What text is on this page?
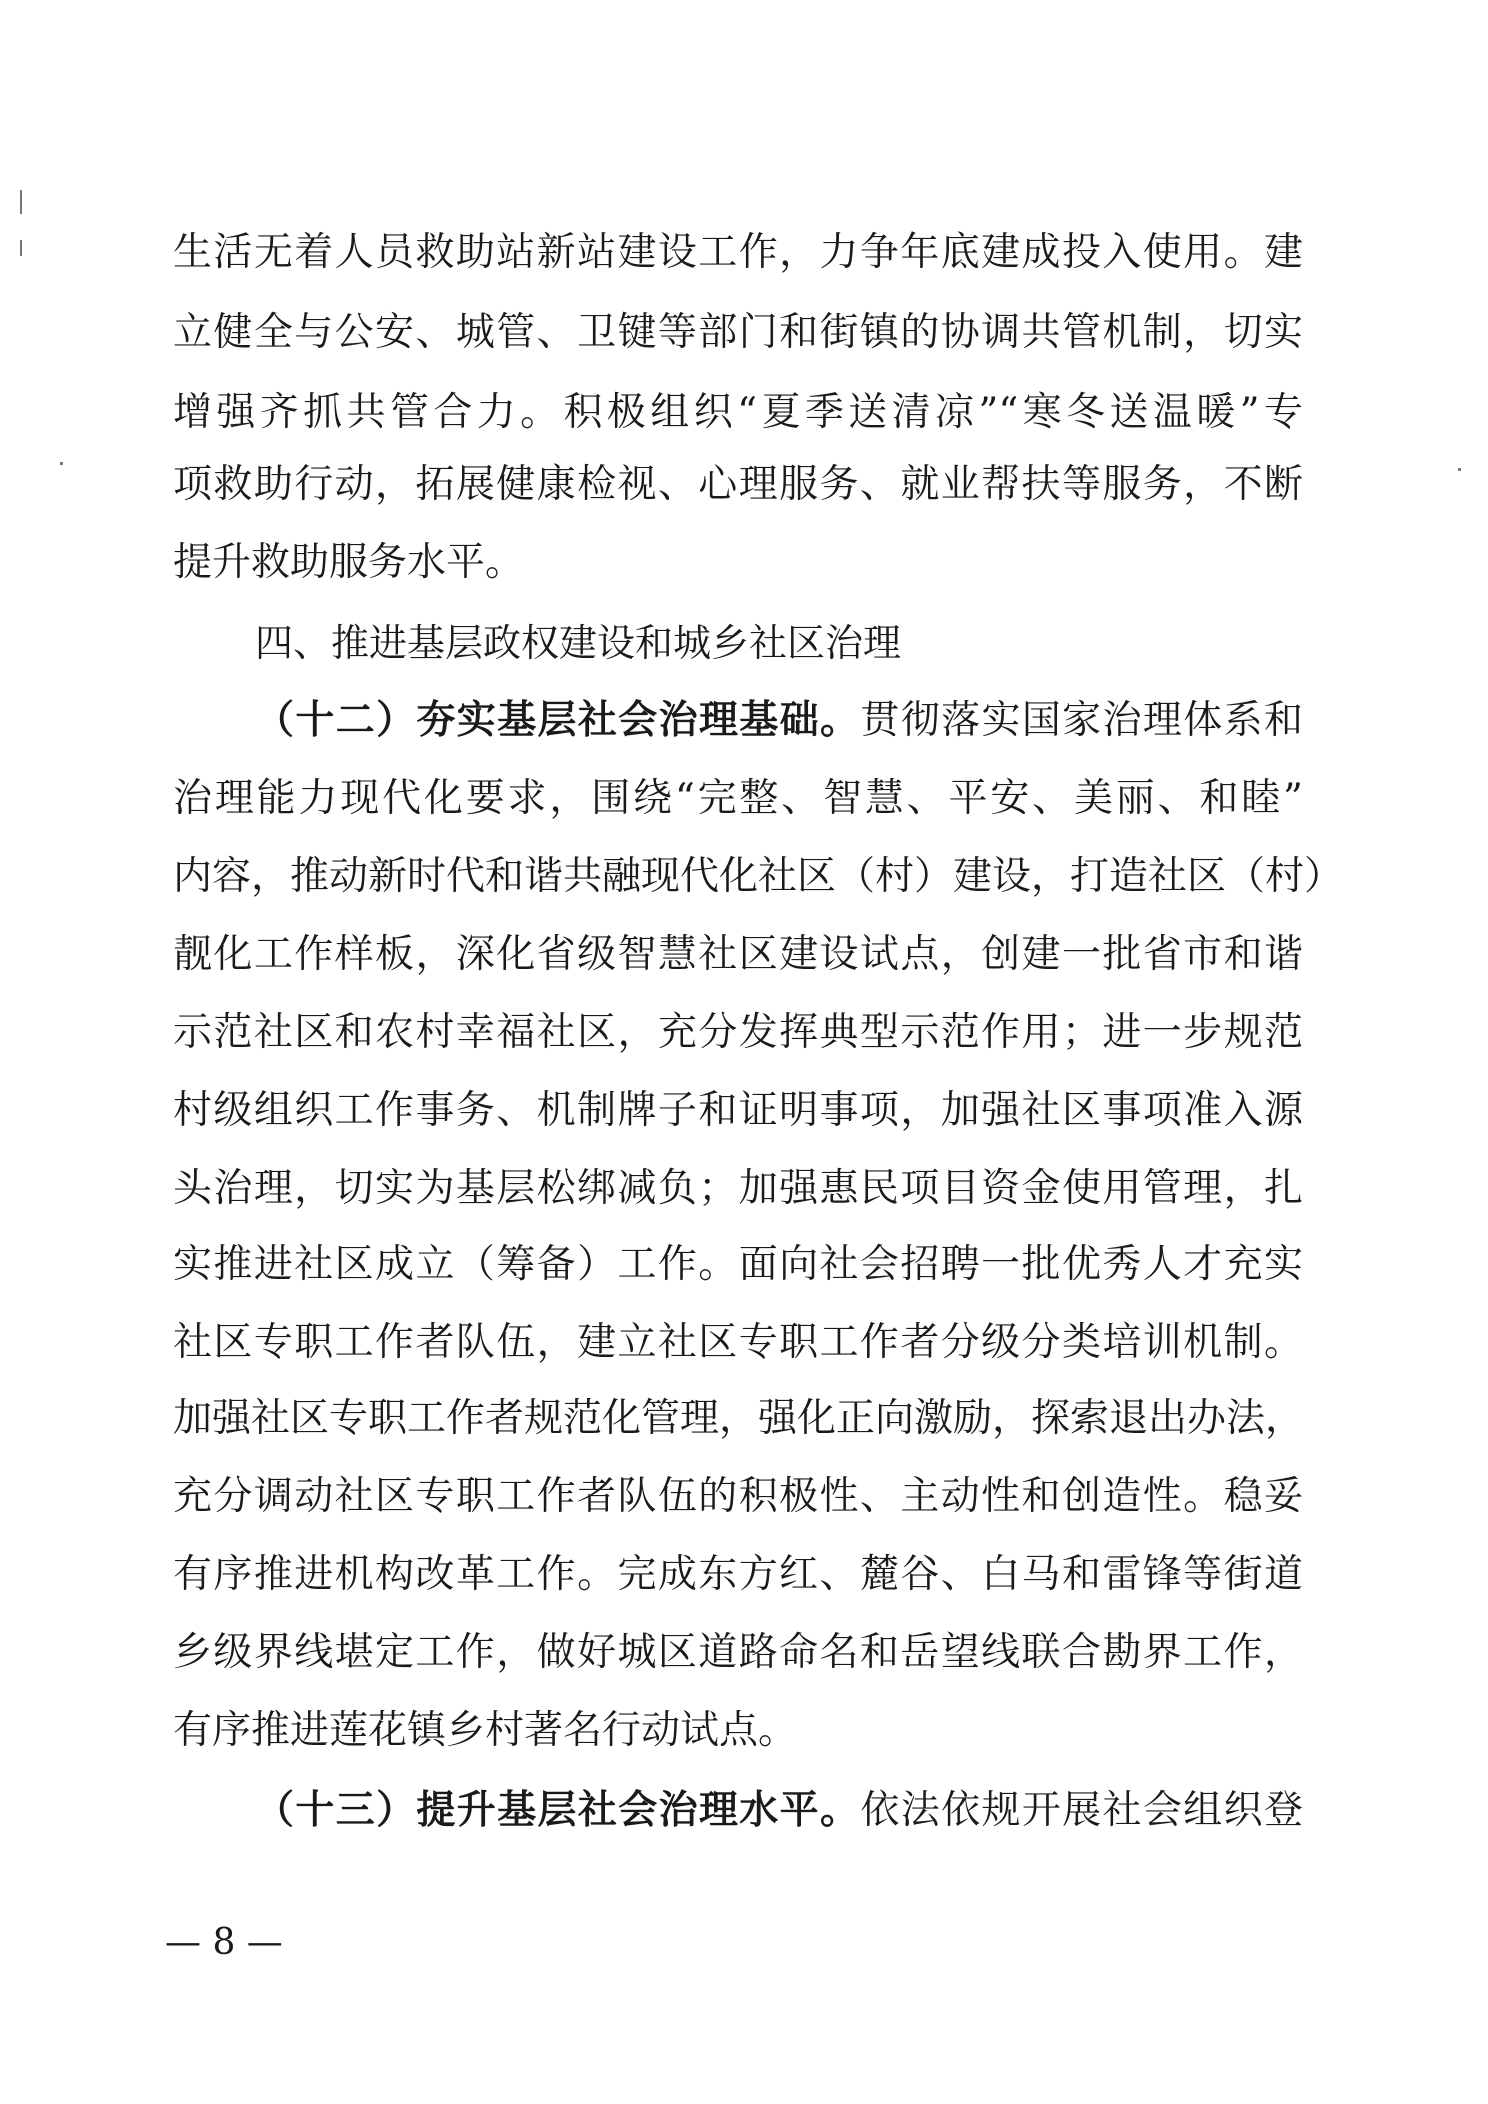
生活无着人员救助站新站建设工作，力争年底建成投入使用。建
立健全与公安、城管、卫键等部门和街镇的协调共管机制，切实
增强齐抓共管合力。积极组织“夏季送清凉”“寒冬送温暖”专
项救助行动，拓展健康检视、心理服务、就业帮扶等服务，不断
提升救助服务水平。
四、推进基层政权建设和城乡社区治理
（十二）夯实基层社会治理基础。贯彻落实国家治理体系和
治理能力现代化要求，围绕“完整、智慧、平安、美丽、和睦”
内容，推动新时代和谐共融现代化社区（村）建设，打造社区（村）
靓化工作样板，深化省级智慧社区建设试点，创建一批省市和谐
示范社区和农村幸福社区，充分发挥典型示范作用；进一步规范
村级组织工作事务、机制牌子和证明事项，加强社区事项准入源
头治理，切实为基层松绑减负；加强惠民项目资金使用管理，扎
实推进社区成立（筹备）工作。面向社会招聘一批优秀人才充实
社区专职工作者队伍，建立社区专职工作者分级分类培训机制。
加强社区专职工作者规范化管理，强化正向激励，探索退出办法，
充分调动社区专职工作者队伍的积极性、主动性和创造性。稳妥
有序推进机构改革工作。完成东方红、麓谷、白马和雷锋等街道
乡级界线堪定工作，做好城区道路命名和岳望线联合勘界工作，
有序推进莲花镇乡村著名行动试点。
（十三）提升基层社会治理水平。依法依规开展社会组织登
— 8 —
